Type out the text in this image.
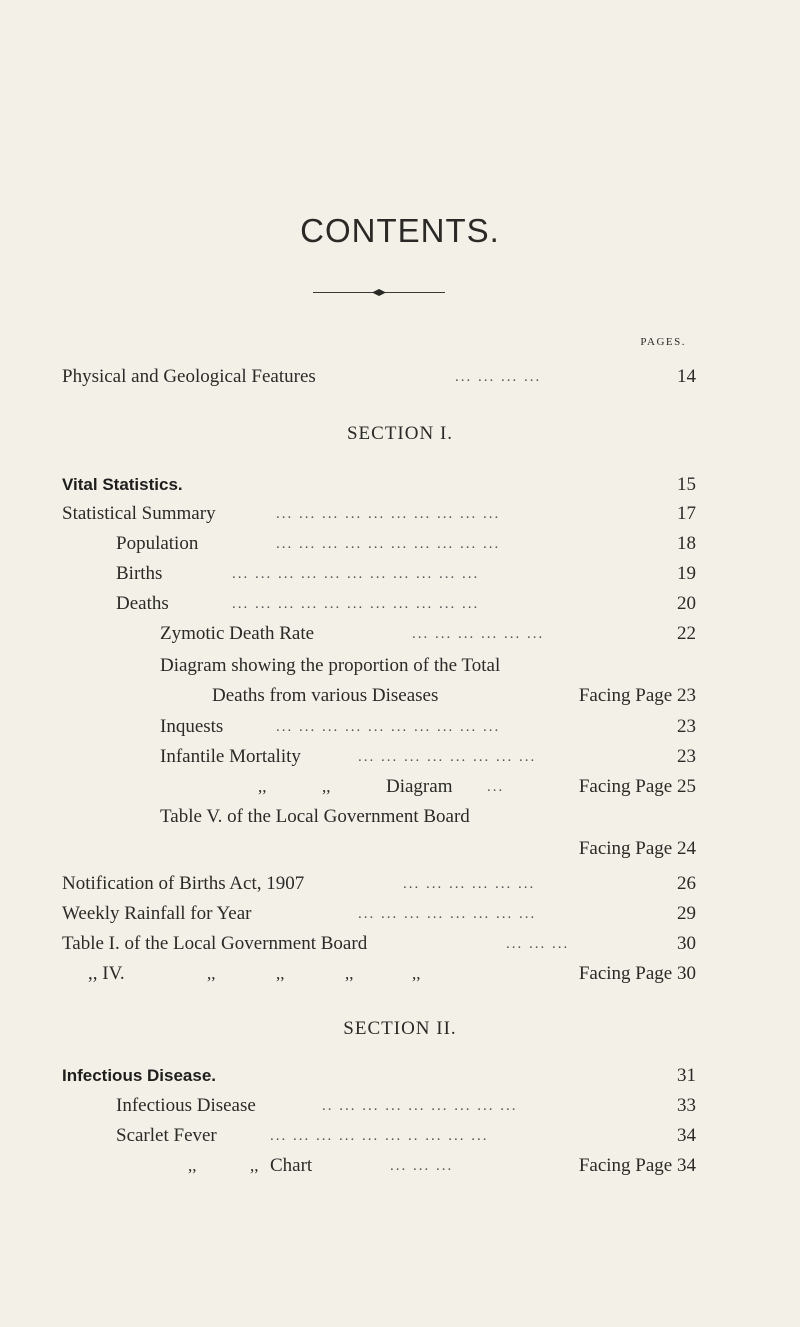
CONTENTS.
PAGES.
Physical and Geological Features	... ... ... ...	14
SECTION I.
Vital Statistics.	15
Statistical Summary	... ... ... ... ... ... ... ... ... ...	17
Population	... ... ... ... ... ... ... ... ... ...	18
Births	... ... ... ... ... ... ... ... ... ... ...	19
Deaths	... ... ... ... ... ... ... ... ... ... ...	20
Zymotic Death Rate	... ... ... ... ... ...	22
Diagram showing the proportion of the Total
Deaths from various Diseases	Facing Page 23
Inquests	... ... ... ... ... ... ... ... ... ...	23
Infantile Mortality	... ... ... ... ... ... ... ...	23
,,	,,	Diagram ...	Facing Page 25
Table V. of the Local Government Board
Facing Page 24
Notification of Births Act, 1907	... ... ... ... ... ...	26
Weekly Rainfall for Year	... ... ... ... ... ... ... ...	29
Table I. of the Local Government Board	... ... ...	30
,, IV.	,,	,,	,,	,,	Facing Page 30
SECTION II.
Infectious Disease.	31
Infectious Disease	.. ... ... ... ... ... ... ... ...	33
Scarlet Fever	... ... ... ... ... ... .. ... ... ...	34
,,	,, Chart	... ... ...	Facing Page 34
